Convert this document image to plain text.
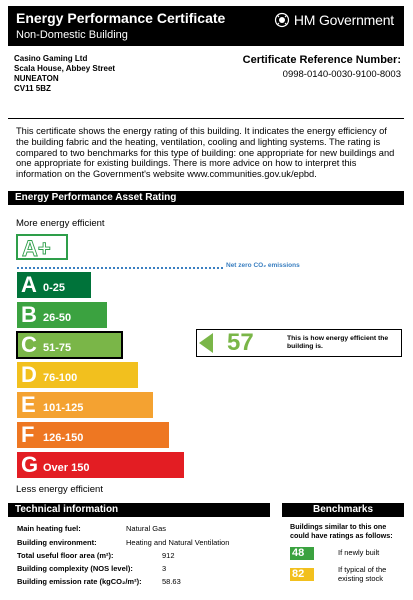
Energy Performance Certificate
Non-Domestic Building
HM Government
Casino Gaming Ltd
Scala House, Abbey Street
NUNEATON
CV11 5BZ
Certificate Reference Number:
0998-0140-0030-9100-8003
This certificate shows the energy rating of this building. It indicates the energy efficiency of the building fabric and the heating, ventilation, cooling and lighting systems. The rating is compared to two benchmarks for this type of building: one appropriate for new buildings and one appropriate for existing buildings. There is more advice on how to interpret this information on the Government's website www.communities.gov.uk/epbd.
Energy Performance Asset Rating
More energy efficient
A+
Net zero CO₂ emissions
A 0-25
B 26-50
C 51-75
D 76-100
E 101-125
F 126-150
G Over 150
57	This is how energy efficient the building is.
Less energy efficient
Technical information
Main heating fuel:	Natural Gas
Building environment:	Heating and Natural Ventilation
Total useful floor area (m²):	912
Building complexity (NOS level):	3
Building emission rate (kgCO₂/m²):	58.63
Benchmarks
Buildings similar to this one could have ratings as follows:
48	If newly built
82	If typical of the existing stock
